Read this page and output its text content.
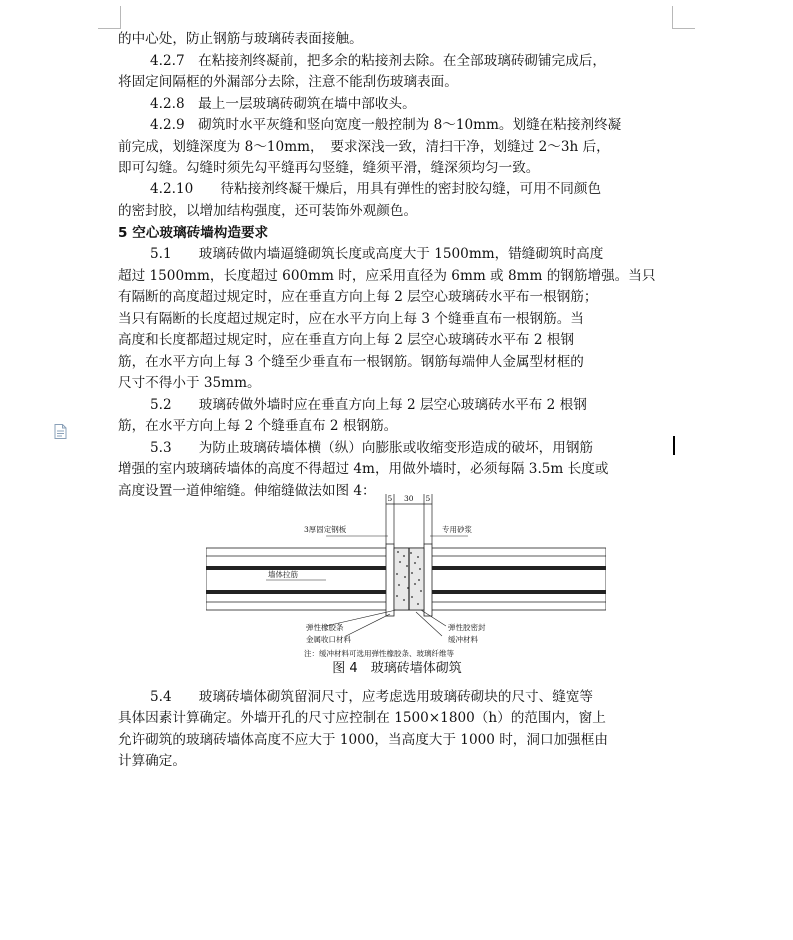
的中心处，防止钢筋与玻璃砖表面接触。
4.2.7　在粘接剂终凝前，把多余的粘接剂去除。在全部玻璃砖砌铺完成后，
将固定间隔框的外漏部分去除，注意不能刮伤玻璃表面。
4.2.8　最上一层玻璃砖砌筑在墙中部收头。
4.2.9　砌筑时水平灰缝和竖向宽度一般控制为 8～10mm。划缝在粘接剂终凝
前完成，划缝深度为 8～10mm，　要求深浅一致，清扫干净，划缝过 2～3h 后，
即可勾缝。勾缝时须先勾平缝再勾竖缝，缝须平滑，缝深须均匀一致。
4.2.10　　待粘接剂终凝干燥后，用具有弹性的密封胶勾缝，可用不同颜色
的密封胶，以增加结构强度，还可装饰外观颜色。
5 空心玻璃砖墙构造要求
5.1　　玻璃砖做内墙逼缝砌筑长度或高度大于 1500mm，错缝砌筑时高度
超过 1500mm，长度超过 600mm 时，应采用直径为 6mm 或 8mm 的钢筋增强。当只
有隔断的高度超过规定时，应在垂直方向上每 2 层空心玻璃砖水平布一根钢筋；
当只有隔断的长度超过规定时，应在水平方向上每 3 个缝垂直布一根钢筋。当
高度和长度都超过规定时，应在垂直方向上每 2 层空心玻璃砖水平布 2 根钢
筋，在水平方向上每 3 个缝至少垂直布一根钢筋。钢筋每端伸人金属型材框的
尺寸不得小于 35mm。
5.2　　玻璃砖做外墙时应在垂直方向上每 2 层空心玻璃砖水平布 2 根钢
筋，在水平方向上每 2 个缝垂直布 2 根钢筋。
5.3　　为防止玻璃砖墙体横（纵）向膨胀或收缩变形造成的破坏，用钢筋
增强的室内玻璃砖墙体的高度不得超过 4m，用做外墙时，必须每隔 3.5m 长度或
高度设置一道伸缩缝。伸缩缝做法如图 4：	5 30 5
3厚固定钢板	专用砂浆
墙体拉筋
弹性橡胶条	弹性胶密封
金属收口材料	缓冲材料
注：缓冲材料可选用弹性橡胶条、玻璃纤维等
图 4　玻璃砖墙体砌筑
5.4　　玻璃砖墙体砌筑留洞尺寸，应考虑选用玻璃砖砌块的尺寸、缝宽等
具体因素计算确定。外墙开孔的尺寸应控制在 1500×1800（h）的范围内，窗上
允许砌筑的玻璃砖墙体高度不应大于 1000，当高度大于 1000 时，洞口加强框由
计算确定。
